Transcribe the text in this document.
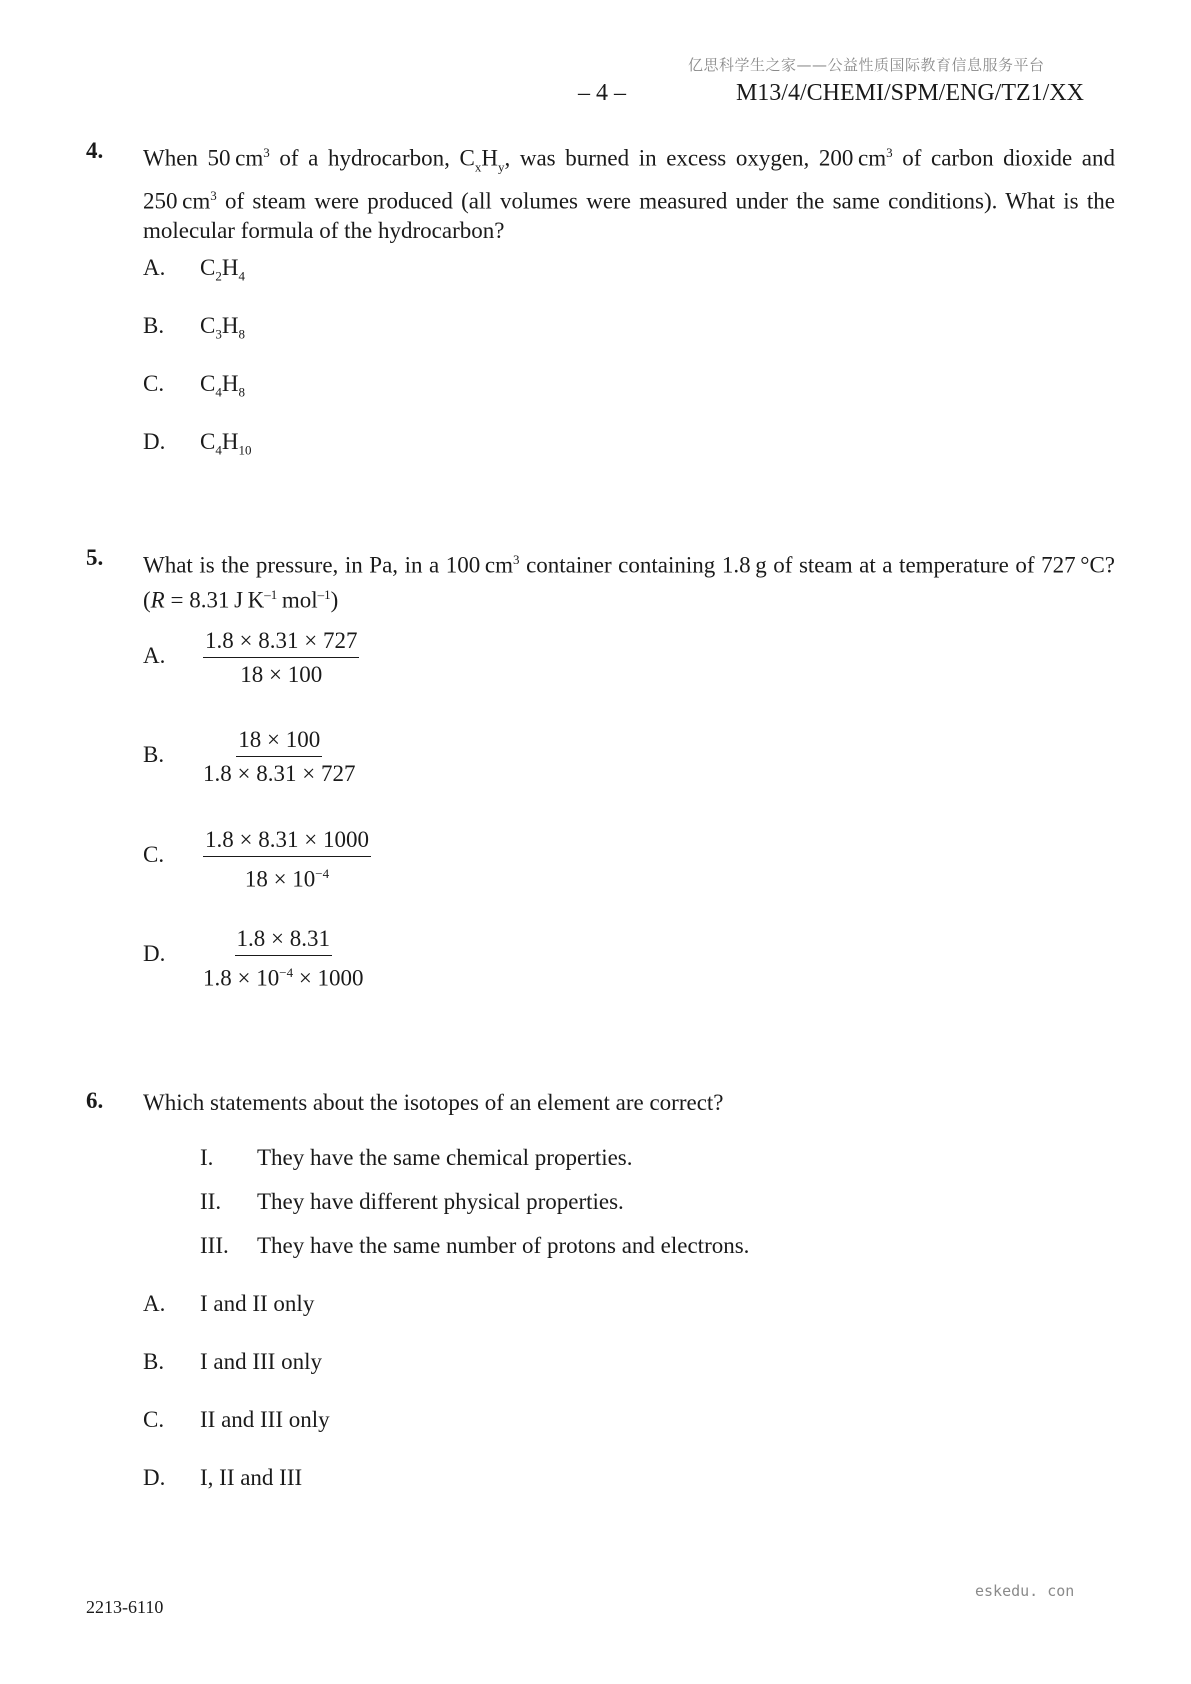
亿思科学生之家——公益性质国际教育信息服务平台
– 4 –	M13/4/CHEMI/SPM/ENG/TZ1/XX
4. When 50  $cm^3$ of a hydrocarbon, $C_xH_y$, was burned in excess oxygen, 200  $cm^3$ of carbon dioxide and 250  $cm^3$ of steam were produced (all volumes were measured under the same conditions). What is the molecular formula of the hydrocarbon?
A. $C_2H_4$
B. $C_3H_8$
C. $C_4H_8$
D. $C_4H_{10}$
5. What is the pressure, in Pa, in a 100  $cm^3$ container containing 1.8  g of steam at a temperature of 727  °C? (R = 8.31  J  $K^{-1}$  mol$^{-1}$)
A. $\frac{1.8 \times 8.31 \times 727}{18 \times 100}$
B. $\frac{18 \times 100}{1.8 \times 8.31 \times 727}$
C. $\frac{1.8 \times 8.31 \times 1000}{18 \times 10^{-4}}$
D. $\frac{1.8 \times 8.31}{1.8 \times 10^{-4} \times 1000}$
6. Which statements about the isotopes of an element are correct?
I. They have the same chemical properties.
II. They have different physical properties.
III. They have the same number of protons and electrons.
A. I and II only
B. I and III only
C. II and III only
D. I, II and III
eskedu. con
2213-6110
